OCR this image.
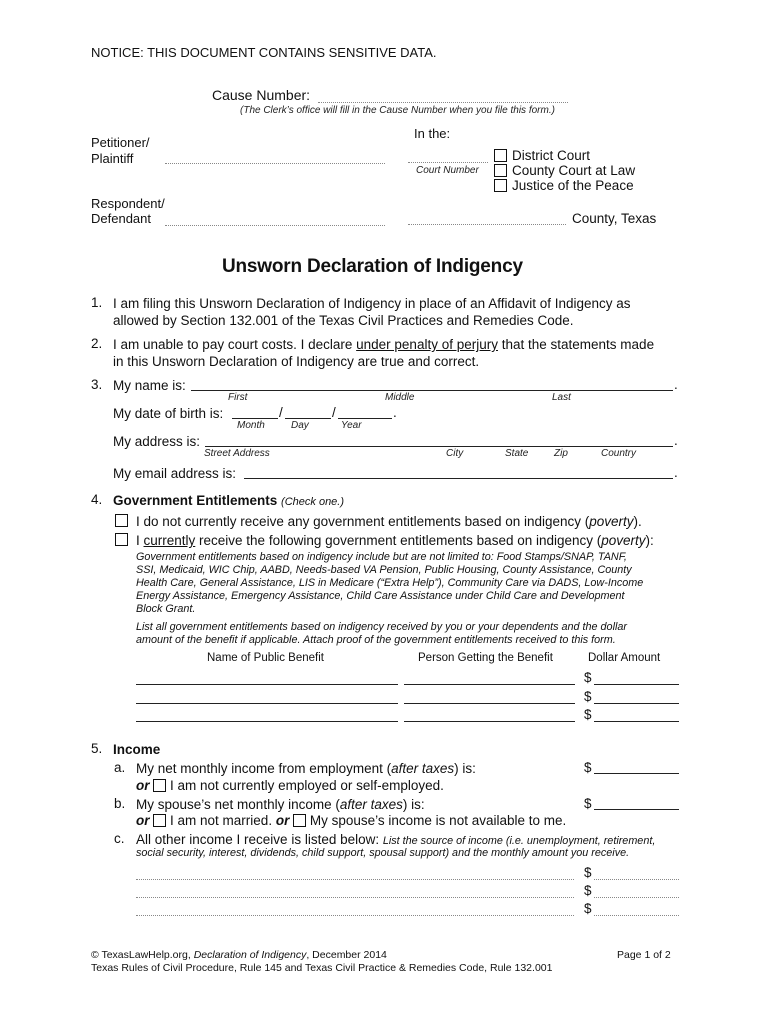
NOTICE: THIS DOCUMENT CONTAINS SENSITIVE DATA.
Cause Number:
(The Clerk’s office will fill in the Cause Number when you file this form.)
Petitioner/
Plaintiff
Respondent/
Defendant
In the:
Court Number
District Court
County Court at Law
Justice of the Peace
County, Texas
Unsworn Declaration of Indigency
1. I am filing this Unsworn Declaration of Indigency in place of an Affidavit of Indigency as
allowed by Section 132.001 of the Texas Civil Practices and Remedies Code.
2. I am unable to pay court costs. I declare under penalty of perjury that the statements made
in this Unsworn Declaration of Indigency are true and correct.
3. My name is:	.
First	Middle	Last
My date of birth is:	/	/	.
Month	Day	Year
My address is:	.
Street Address	City	State	Zip	Country
My email address is:	.
4. Government Entitlements (Check one.)
I do not currently receive any government entitlements based on indigency (poverty).
I currently receive the following government entitlements based on indigency (poverty):
Government entitlements based on indigency include but are not limited to: Food Stamps/SNAP, TANF,
SSI, Medicaid, WIC Chip, AABD, Needs-based VA Pension, Public Housing, County Assistance, County
Health Care, General Assistance, LIS in Medicare (“Extra Help”), Community Care via DADS, Low-Income
Energy Assistance, Emergency Assistance, Child Care Assistance under Child Care and Development
Block Grant.
List all government entitlements based on indigency received by you or your dependents and the dollar
amount of the benefit if applicable. Attach proof of the government entitlements received to this form.
Name of Public Benefit	Person Getting the Benefit	Dollar Amount
$
$
$
5. Income
a. My net monthly income from employment (after taxes) is:	$
or I am not currently employed or self-employed.
b. My spouse’s net monthly income (after taxes) is:	$
or I am not married. or My spouse’s income is not available to me.
c. All other income I receive is listed below: List the source of income (i.e. unemployment, retirement,
social security, interest, dividends, child support, spousal support) and the monthly amount you receive.
$
$
$
© TexasLawHelp.org, Declaration of Indigency, December 2014
Texas Rules of Civil Procedure, Rule 145 and Texas Civil Practice & Remedies Code, Rule 132.001
Page 1 of 2
